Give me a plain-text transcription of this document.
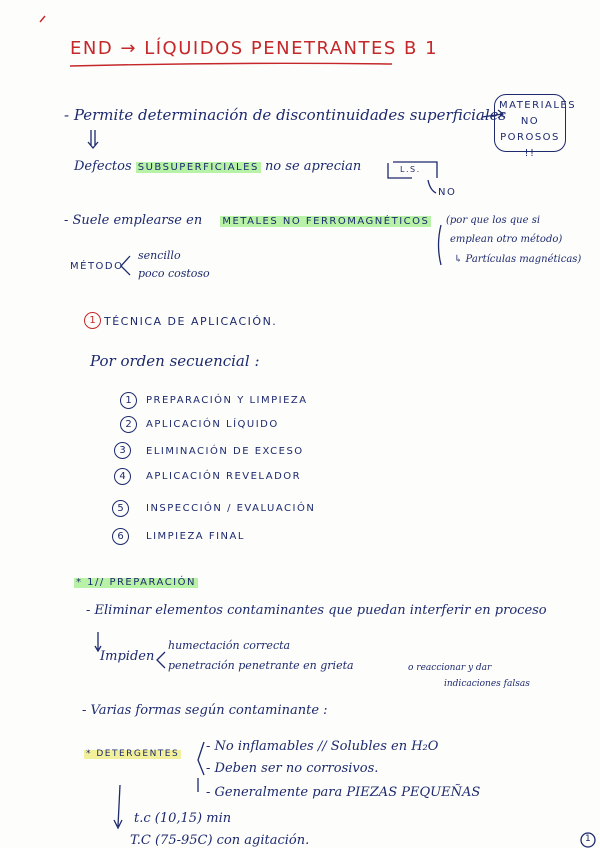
END → LÍQUIDOS PENETRANTES B 1
- Permite determinación de discontinuidades superficiales
MATERIALES NO POROSOS !!
Defectos SUBSUPERFICIALES no se aprecian	L.S.
NO
- Suele emplearse en METALES NO FERROMAGNÉTICOS (por que los que si
emplean otro método)
↳ Partículas magnéticas)
MÉTODO
sencillo
poco costoso
1 TÉCNICA DE APLICACIÓN.
Por orden secuencial :
1	PREPARACIÓN Y LIMPIEZA
2	APLICACIÓN LÍQUIDO
3	ELIMINACIÓN DE EXCESO
4	APLICACIÓN REVELADOR
5	INSPECCIÓN / EVALUACIÓN
6	LIMPIEZA FINAL
* 1// PREPARACIÓN
- Eliminar elementos contaminantes que puedan interferir en proceso
Impiden
humectación correcta
penetración penetrante en grieta	o reaccionar y dar
indicaciones falsas
- Varias formas según contaminante :
* DETERGENTES - No inflamables // Solubles en H₂O
- Deben ser no corrosivos.
- Generalmente para PIEZAS PEQUEÑAS
t.c (10,15) min
T.C (75-95C) con agitación.	1
